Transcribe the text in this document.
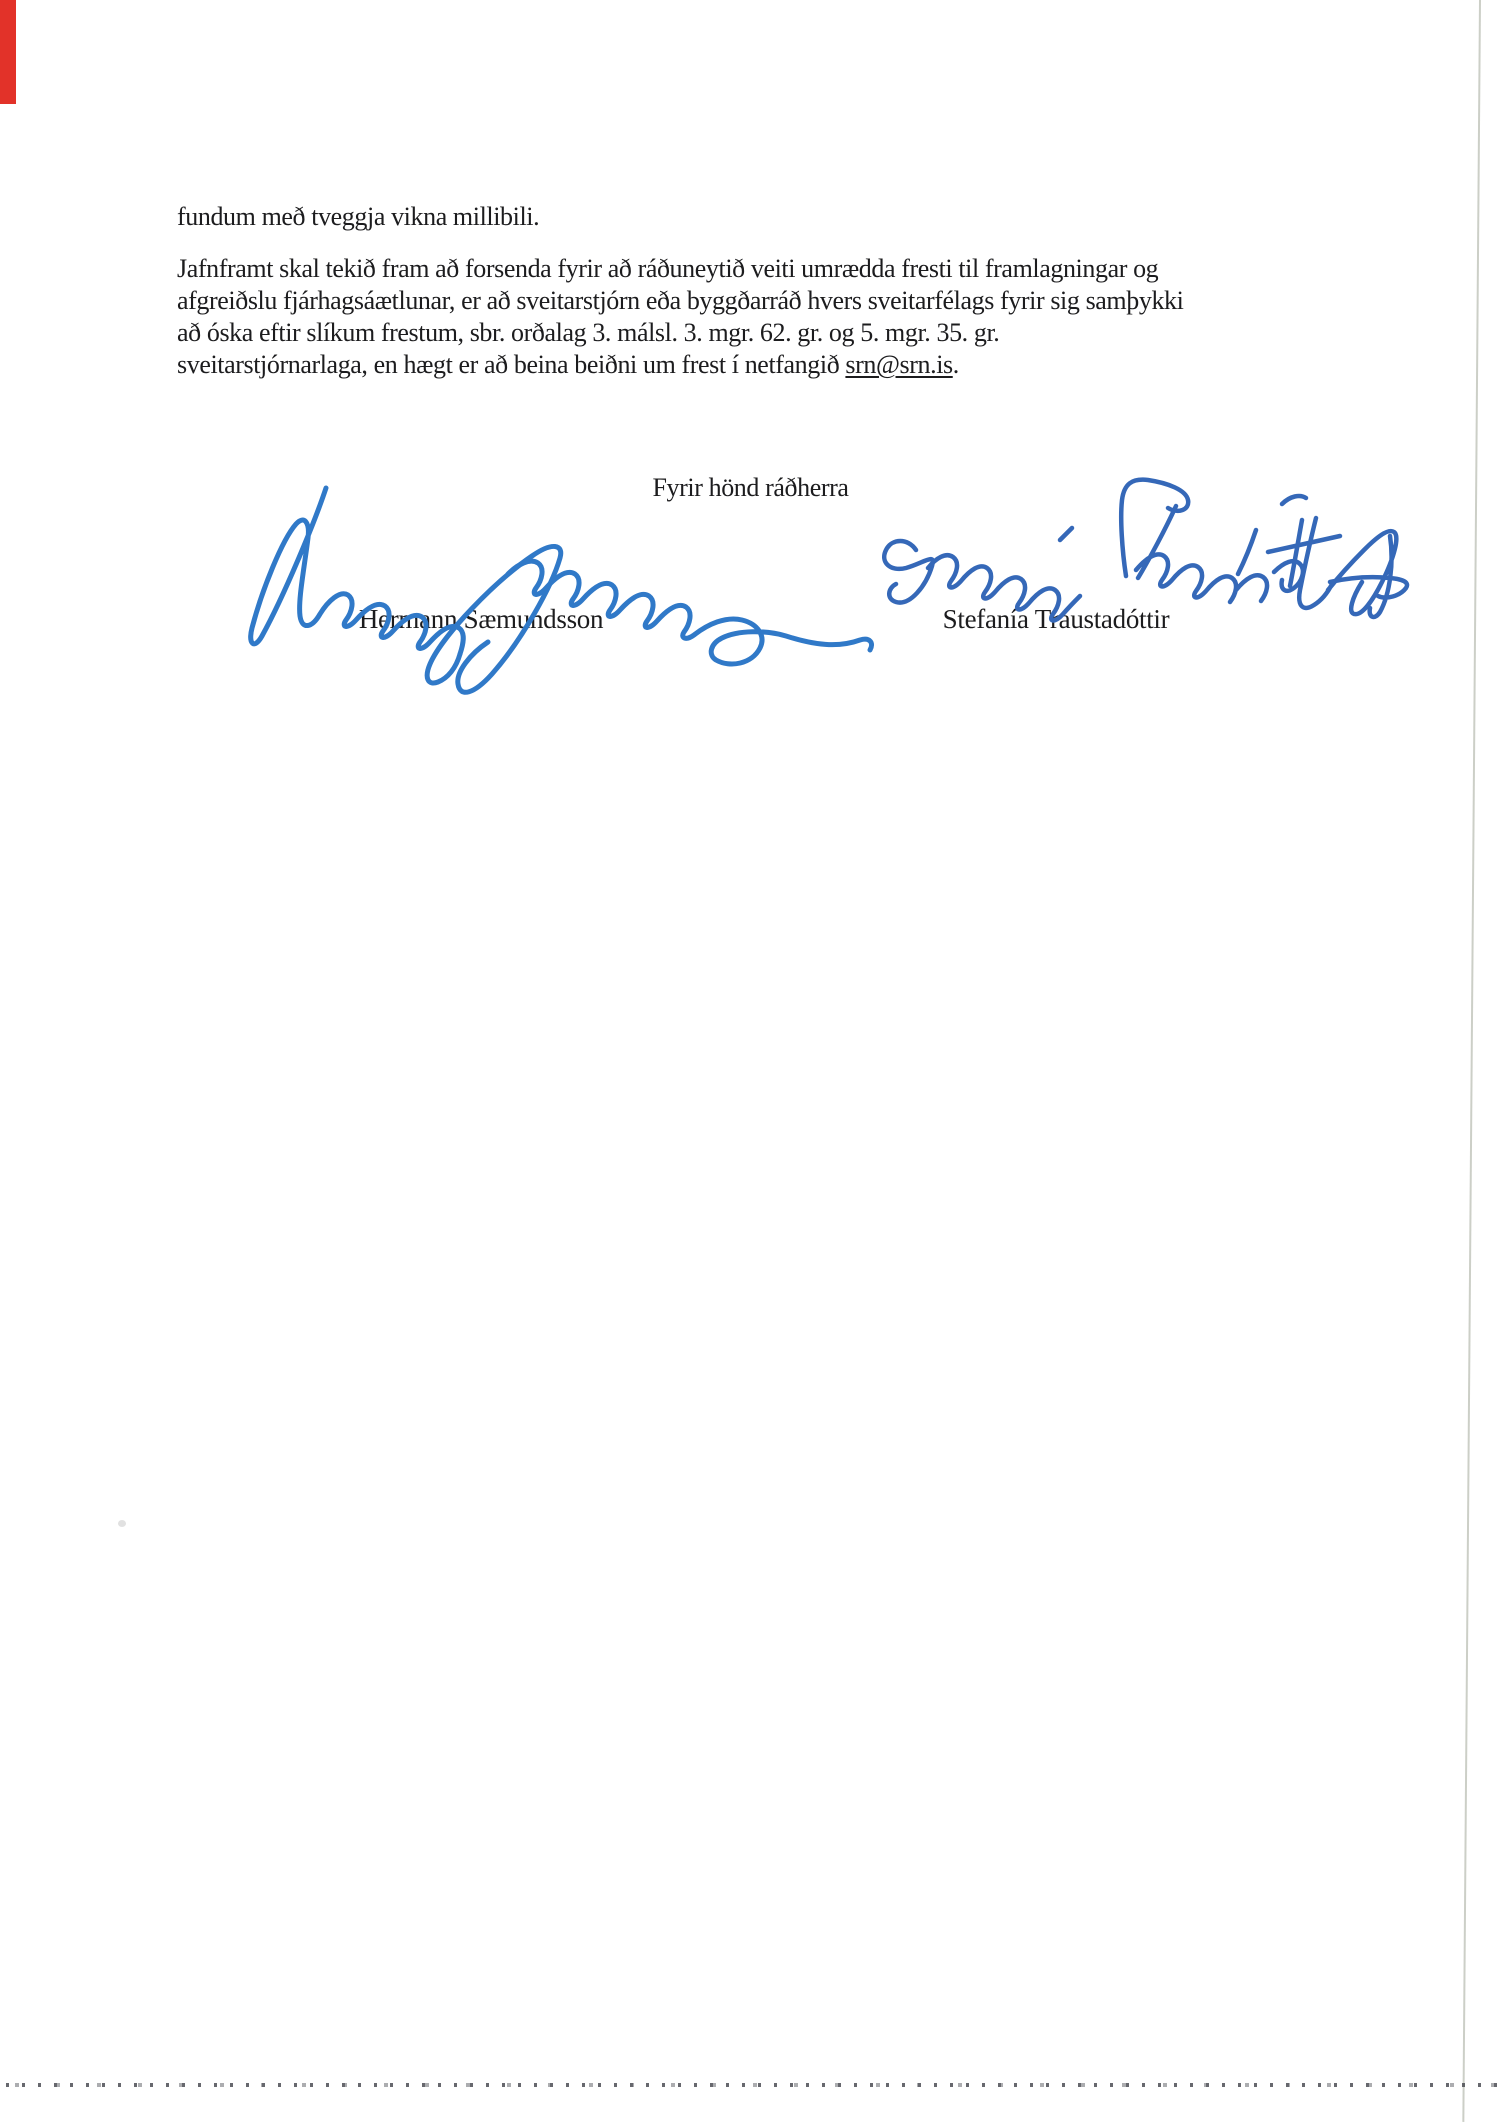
fundum með tveggja vikna millibili.

Jafnframt skal tekið fram að forsenda fyrir að ráðuneytið veiti umrædda fresti til framlagningar og
afgreiðslu fjárhagsáætlunar, er að sveitarstjórn eða byggðarráð hvers sveitarfélags fyrir sig samþykki
að óska eftir slíkum frestum, sbr. orðalag 3. málsl. 3. mgr. 62. gr. og 5. mgr. 35. gr.
sveitarstjórnarlaga, en hægt er að beina beiðni um frest í netfangið srn@srn.is.
Fyrir hönd ráðherra
Hermann Sæmundsson	Stefanía Traustadóttir
